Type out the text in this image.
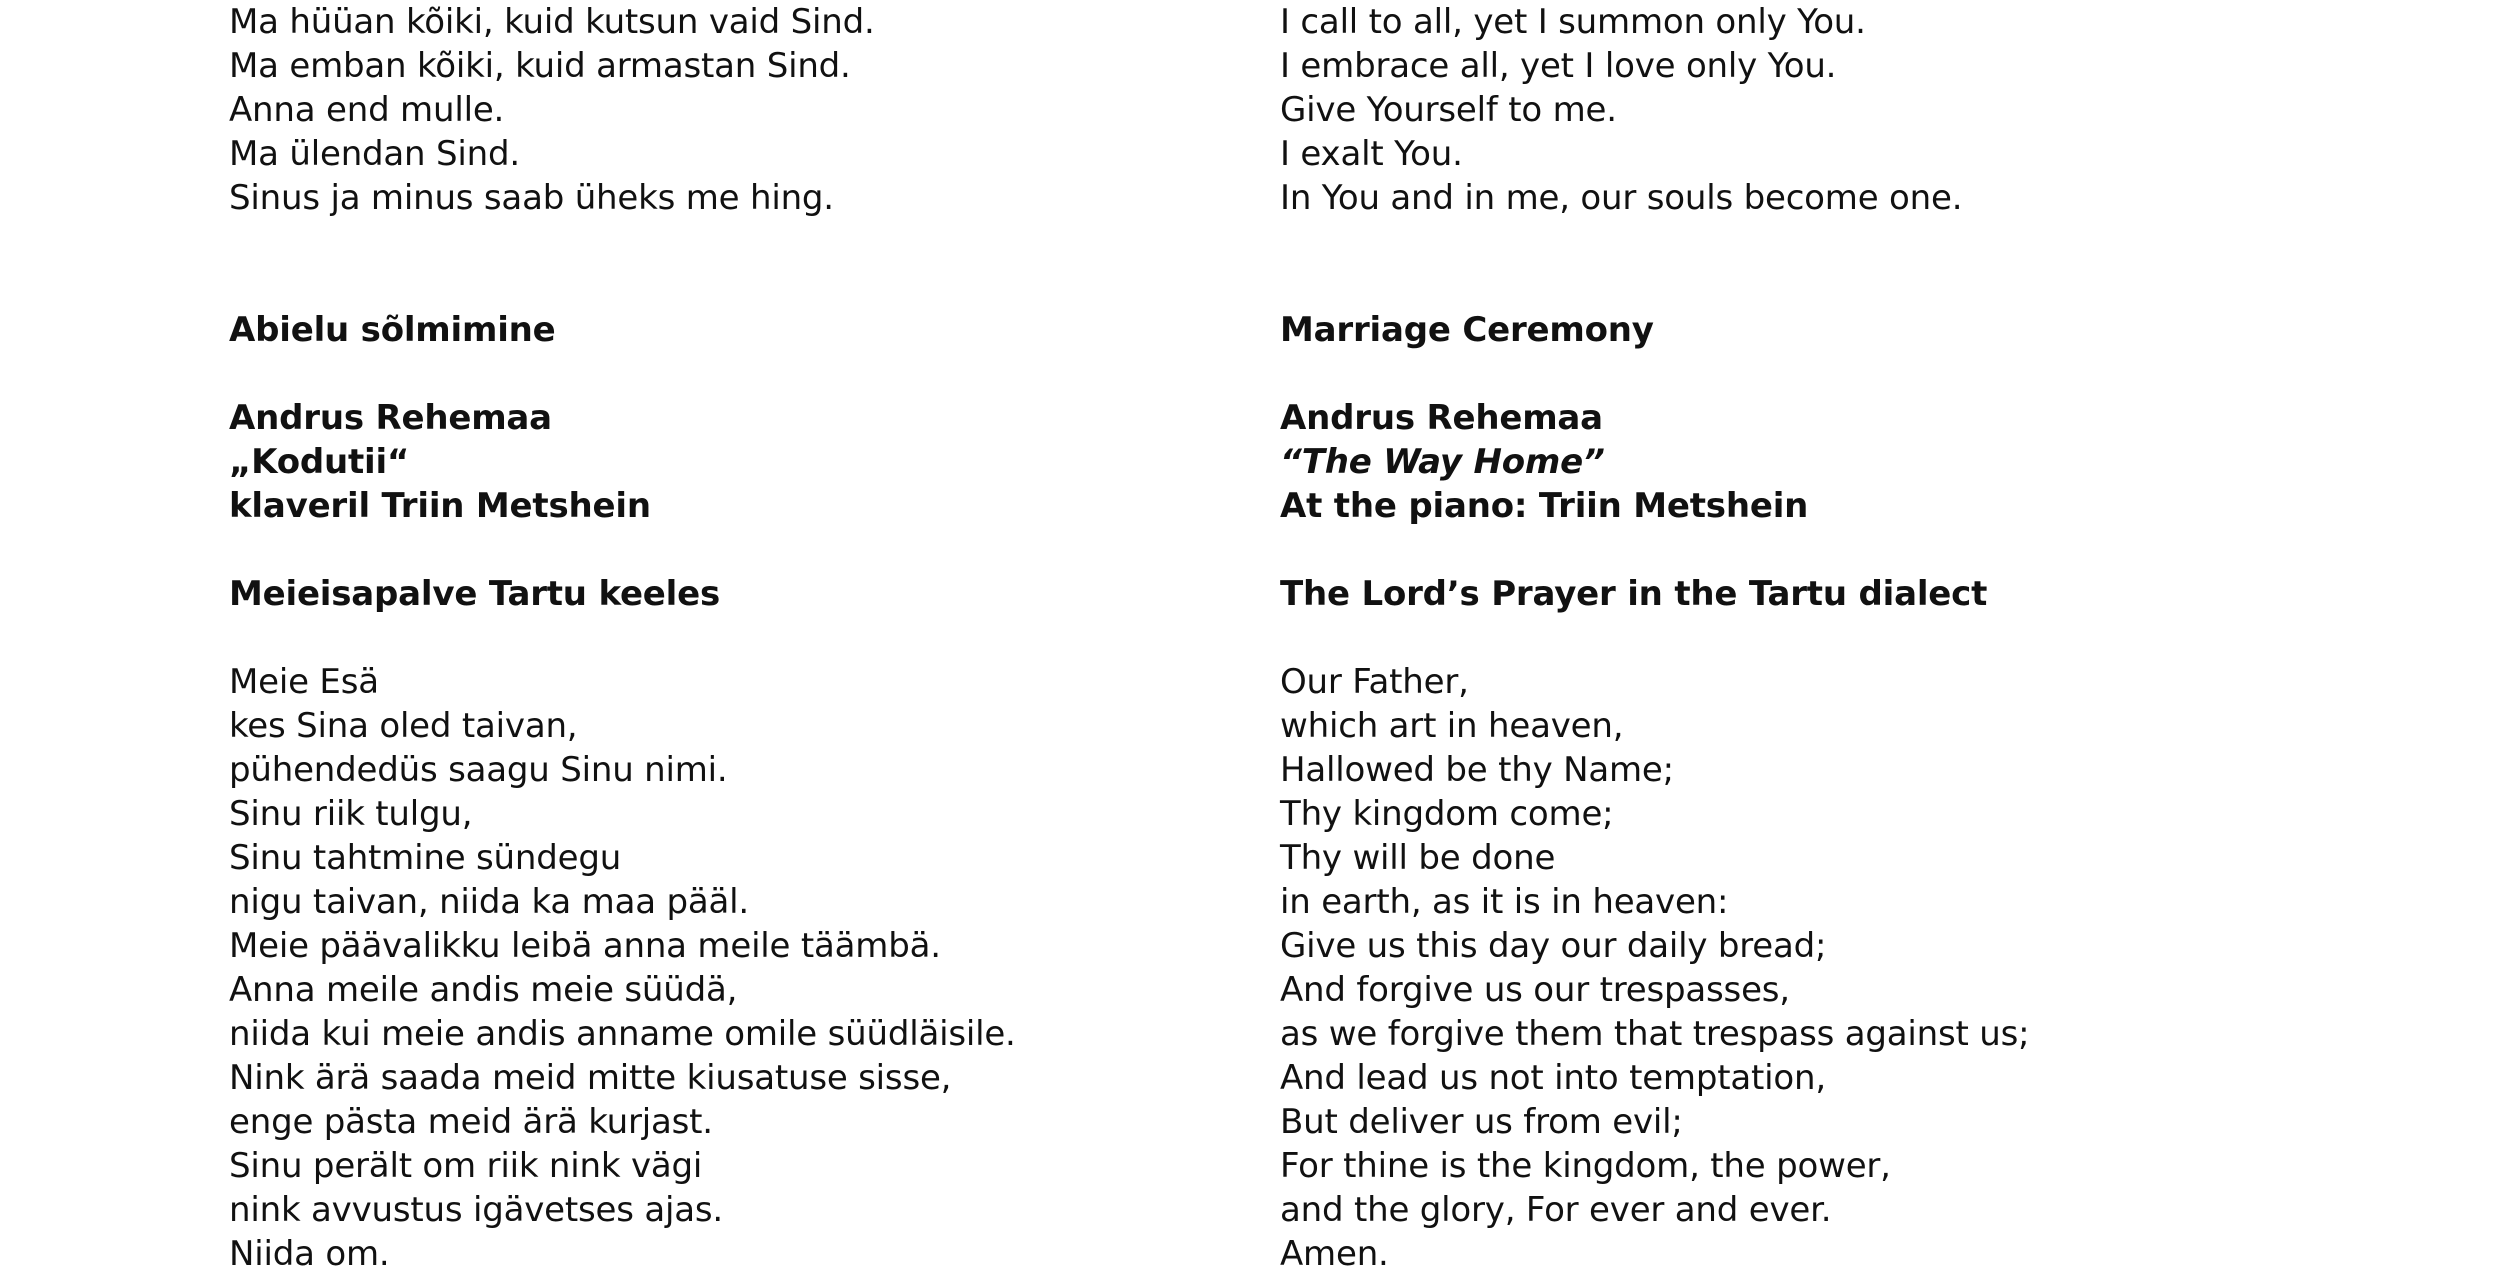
Ma hüüan kõiki, kuid kutsun vaid Sind.
Ma emban kõiki, kuid armastan Sind.
Anna end mulle.
Ma ülendan Sind.
Sinus ja minus saab üheks me hing.
Abielu sõlmimine
Andrus Rehemaa
„Kodutii“
klaveril Triin Metshein
Meieisapalve Tartu keeles
Meie Esä
kes Sina oled taivan,
pühendedüs saagu Sinu nimi.
Sinu riik tulgu,
Sinu tahtmine sündegu
nigu taivan, niida ka maa pääl.
Meie päävalikku leibä anna meile täämbä.
Anna meile andis meie süüdä,
niida kui meie andis anname omile süüdläisile.
Nink ärä saada meid mitte kiusatuse sisse,
enge pästa meid ärä kurjast.
Sinu perält om riik nink vägi
nink avvustus igävetses ajas.
Niida om.
I call to all, yet I summon only You.
I embrace all, yet I love only You.
Give Yourself to me.
I exalt You.
In You and in me, our souls become one.
Marriage Ceremony
Andrus Rehemaa
“The Way Home”
At the piano: Triin Metshein
The Lord’s Prayer in the Tartu dialect
Our Father,
which art in heaven,
Hallowed be thy Name;
Thy kingdom come;
Thy will be done
in earth, as it is in heaven:
Give us this day our daily bread;
And forgive us our trespasses,
as we forgive them that trespass against us;
And lead us not into temptation,
But deliver us from evil;
For thine is the kingdom, the power,
and the glory, For ever and ever.
Amen.
